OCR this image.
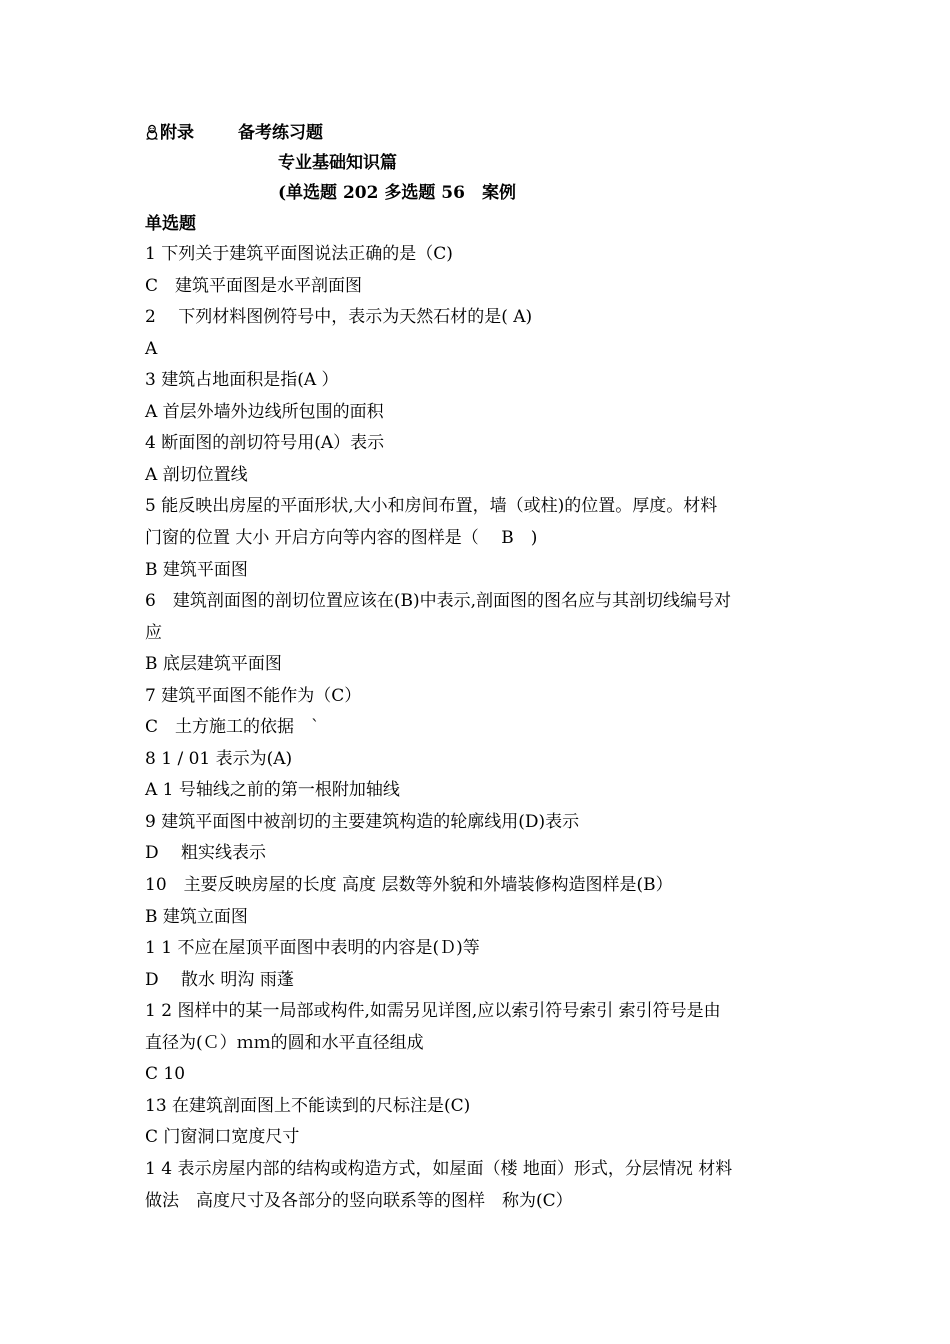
附录	备考练习题
专业基础知识篇
(单选题 202 多选题 56　案例
单选题
1 下列关于建筑平面图说法正确的是（C)
C　建筑平面图是水平剖面图
2　 下列材料图例符号中，表示为天然石材的是( A)
A
3 建筑占地面积是指(A ）
A 首层外墙外边线所包围的面积
4 断面图的剖切符号用(A）表示
A 剖切位置线
5 能反映出房屋的平面形状,大小和房间布置，墙（或柱)的位置。厚度。材料
门窗的位置 大小 开启方向等内容的图样是（　 B　)
B 建筑平面图
6　建筑剖面图的剖切位置应该在(B)中表示,剖面图的图名应与其剖切线编号对
应
B 底层建筑平面图
7 建筑平面图不能作为（C）
C　土方施工的依据　`
8 1 / 01 表示为(A)
A 1 号轴线之前的第一根附加轴线
9 建筑平面图中被剖切的主要建筑构造的轮廓线用(D)表示
D　 粗实线表示
10　主要反映房屋的长度 高度 层数等外貌和外墙装修构造图样是(B）
B 建筑立面图
1 1 不应在屋顶平面图中表明的内容是(Ｄ)等
D　 散水 明沟 雨蓬
1 2 图样中的某一局部或构件,如需另见详图,应以索引符号索引 索引符号是由
直径为(Ｃ）ｍｍ的圆和水平直径组成
C 10
13 在建筑剖面图上不能读到的尺标注是(C)
C 门窗洞口宽度尺寸
1 4 表示房屋内部的结构或构造方式，如屋面（楼 地面）形式，分层情况 材料
做法　高度尺寸及各部分的竖向联系等的图样　称为(C）
